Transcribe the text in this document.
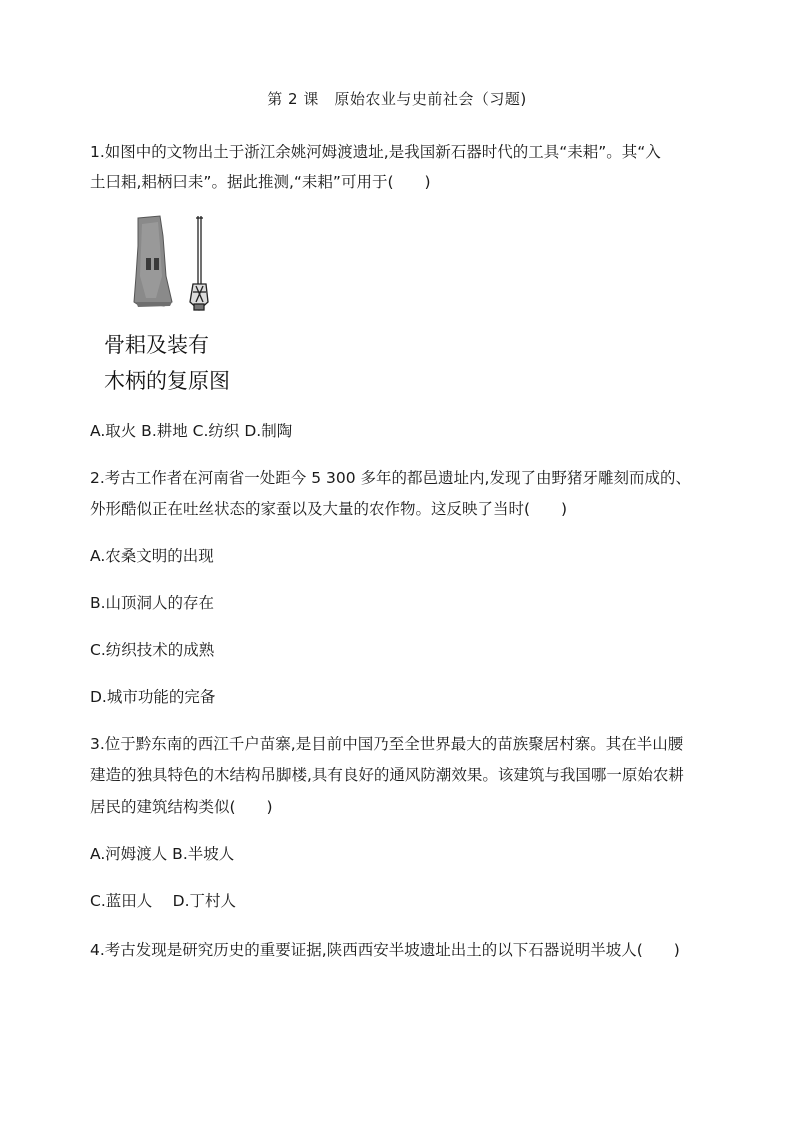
第 2 课　原始农业与史前社会（习题)
1.如图中的文物出土于浙江余姚河姆渡遗址,是我国新石器时代的工具“耒耜”。其“入
土曰耜,耜柄曰耒”。据此推测,“耒耜”可用于(　　)
骨耜及装有
木柄的复原图
A.取火 B.耕地 C.纺织 D.制陶
2.考古工作者在河南省一处距今 5 300 多年的都邑遗址内,发现了由野猪牙雕刻而成的、
外形酷似正在吐丝状态的家蚕以及大量的农作物。这反映了当时(　　)
A.农桑文明的出现
B.山顶洞人的存在
C.纺织技术的成熟
D.城市功能的完备
3.位于黔东南的西江千户苗寨,是目前中国乃至全世界最大的苗族聚居村寨。其在半山腰
建造的独具特色的木结构吊脚楼,具有良好的通风防潮效果。该建筑与我国哪一原始农耕
居民的建筑结构类似(　　)
A.河姆渡人 B.半坡人
C.蓝田人　 D.丁村人
4.考古发现是研究历史的重要证据,陕西西安半坡遗址出土的以下石器说明半坡人(　　)
